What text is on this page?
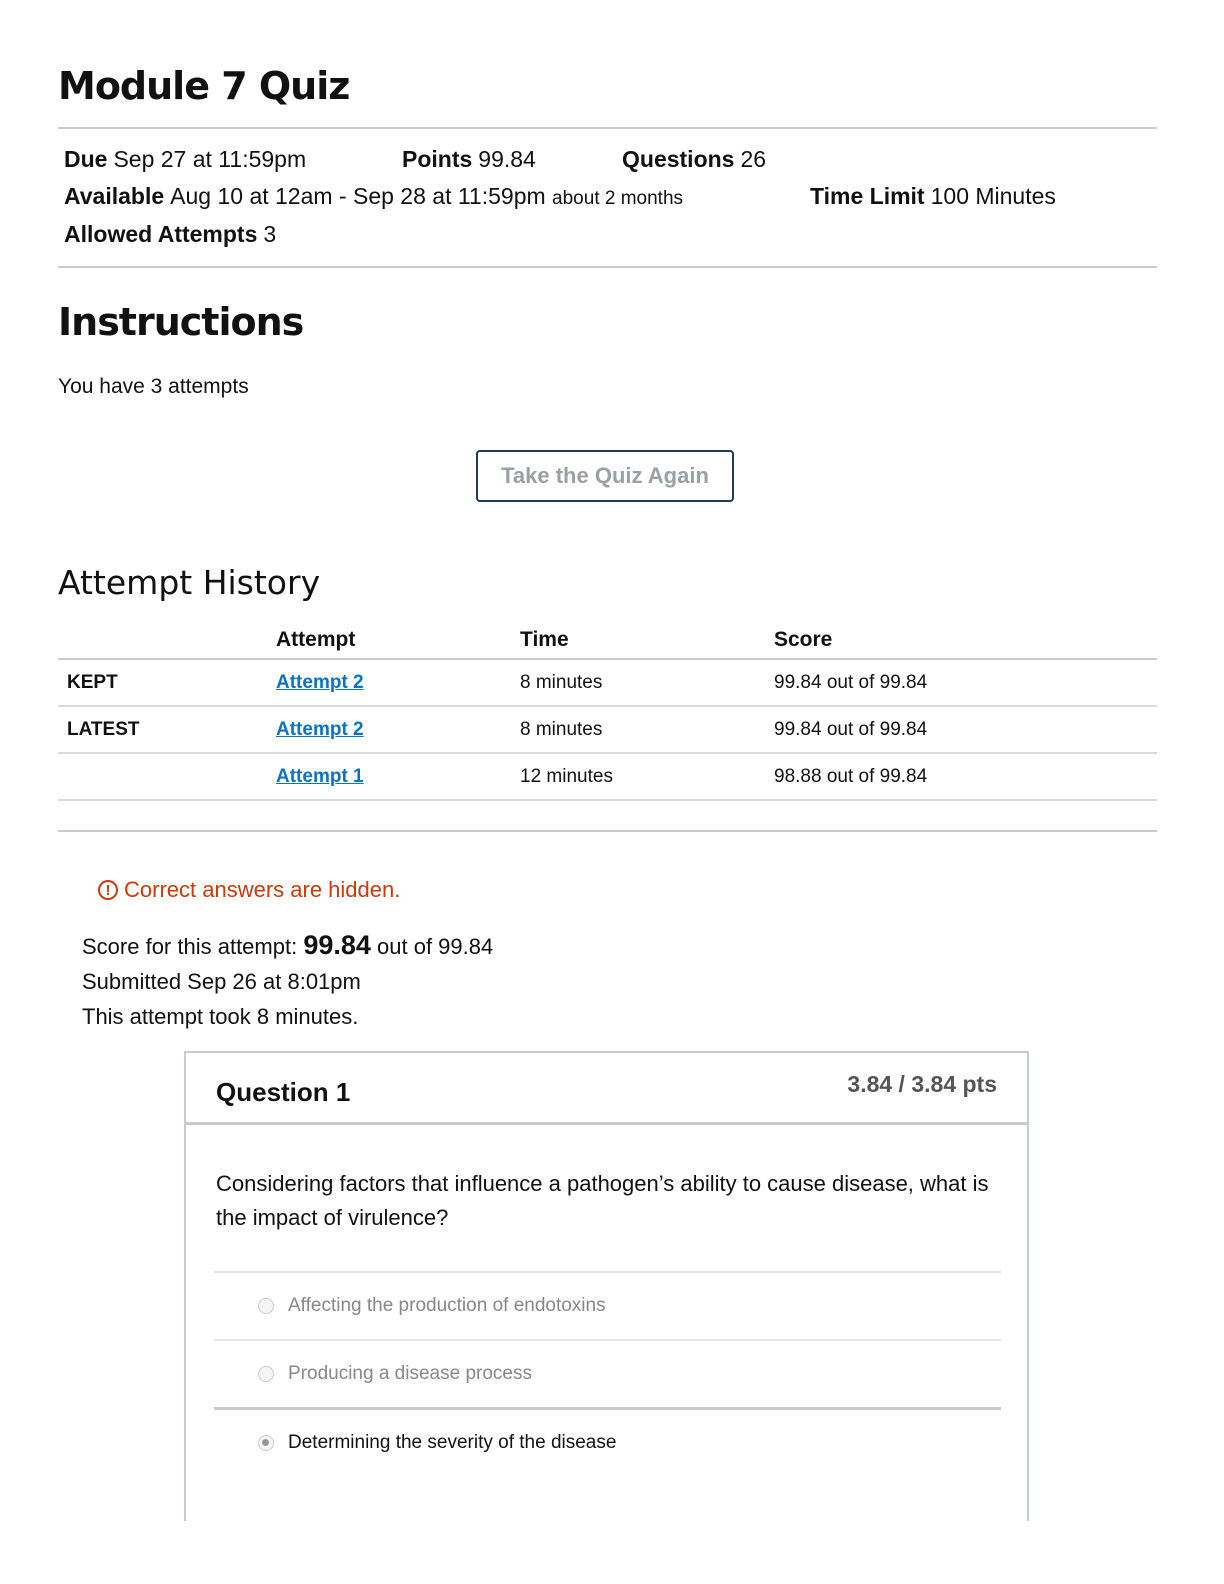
Module 7 Quiz
Due Sep 27 at 11:59pm	Points 99.84	Questions 26
Available Aug 10 at 12am - Sep 28 at 11:59pm about 2 months	Time Limit 100 Minutes
Allowed Attempts 3
Instructions
You have 3 attempts
Take the Quiz Again
Attempt History
	Attempt	Time	Score
KEPT	Attempt 2	8 minutes	99.84 out of 99.84
LATEST	Attempt 2	8 minutes	99.84 out of 99.84
	Attempt 1	12 minutes	98.88 out of 99.84
! Correct answers are hidden.
Score for this attempt: 99.84 out of 99.84
Submitted Sep 26 at 8:01pm
This attempt took 8 minutes.
Question 1	3.84 / 3.84 pts
Considering factors that influence a pathogen’s ability to cause disease, what is the impact of virulence?
Affecting the production of endotoxins
Producing a disease process
Determining the severity of the disease
